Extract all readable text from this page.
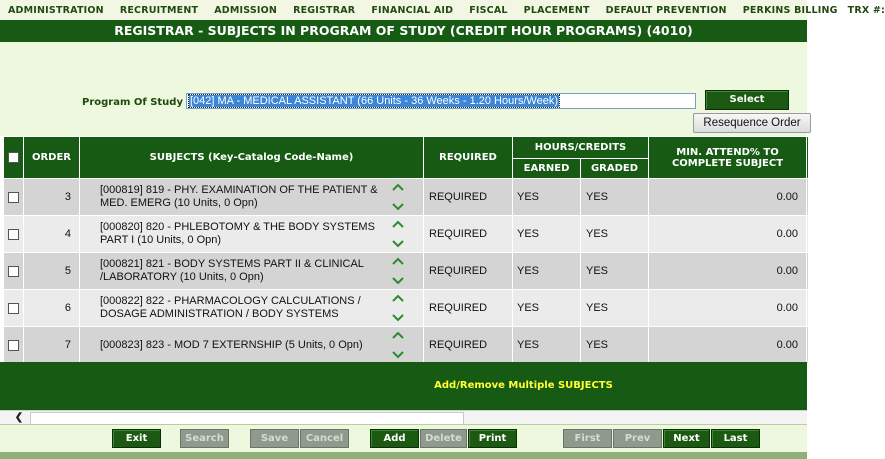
ADMINISTRATION RECRUITMENT ADMISSION REGISTRAR FINANCIAL AID FISCAL PLACEMENT DEFAULT PREVENTION PERKINS BILLING TRX #:
REGISTRAR - SUBJECTS IN PROGRAM OF STUDY (CREDIT HOUR PROGRAMS) (4010)
Program Of Study [042] MA - MEDICAL ASSISTANT (66 Units - 36 Weeks - 1.20 Hours/Week)	Select
Resequence Order
	ORDER	SUBJECTS (Key-Catalog Code-Name)	REQUIRED	HOURS/CREDITS		MIN. ATTEND% TO COMPLETE SUBJECT	
				EARNED	GRADED		
	3	[000819] 819 - PHY. EXAMINATION OF THE PATIENT & MED. EMERG (10 Units, 0 Opn)	REQUIRED	YES	YES	0.00	
	4	[000820] 820 - PHLEBOTOMY & THE BODY SYSTEMS PART I (10 Units, 0 Opn)	REQUIRED	YES	YES	0.00	
	5	[000821] 821 - BODY SYSTEMS PART II & CLINICAL /LABORATORY (10 Units, 0 Opn)	REQUIRED	YES	YES	0.00	
	6	[000822] 822 - PHARMACOLOGY CALCULATIONS / DOSAGE ADMINISTRATION / BODY SYSTEMS	REQUIRED	YES	YES	0.00	
	7	[000823] 823 - MOD 7 EXTERNSHIP (5 Units, 0 Opn)	REQUIRED	YES	YES	0.00	
Add/Remove Multiple SUBJECTS
❮
Exit	Search	Save	Cancel	Add	Delete	Print	First	Prev	Next	Last
